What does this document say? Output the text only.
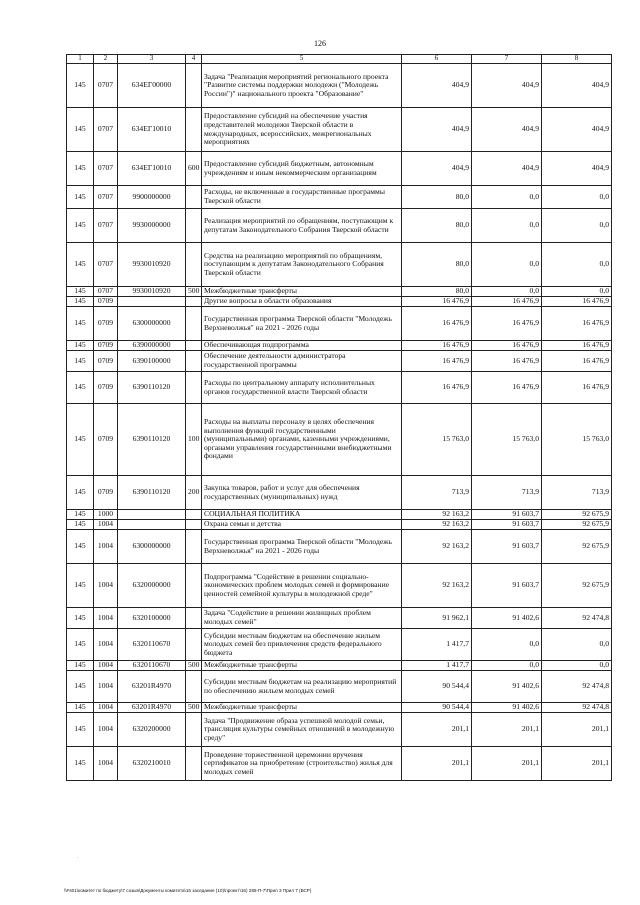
126
1	2	3	4	5	6	7	8
145	0707	634ЕГ00000		Задача "Реализация мероприятий регионального проекта "Развитие системы поддержки молодежи ("Молодежь России")" национального проекта "Образование"	404,9	404,9	404,9
145	0707	634ЕГ10010		Предоставление субсидий на обеспечение участия представителей молодежи Тверской области в международных, всероссийских, межрегиональных мероприятиях	404,9	404,9	404,9
145	0707	634ЕГ10010	600	Предоставление субсидий бюджетным, автономным учреждениям и иным некоммерческим организациям	404,9	404,9	404,9
145	0707	9900000000		Расходы, не включенные в государственные программы Тверской области	80,0	0,0	0,0
145	0707	9930000000		Реализация мероприятий по обращениям, поступающим к депутатам Законодательного Собрания Тверской области	80,0	0,0	0,0
145	0707	9930010920		Средства на реализацию мероприятий по обращениям, поступающим к депутатам Законодательного Собрания Тверской области	80,0	0,0	0,0
145	0707	9930010920	500	Межбюджетные трансферты	80,0	0,0	0,0
145	0709			Другие вопросы в области образования	16 476,9	16 476,9	16 476,9
145	0709	6300000000		Государственная программа Тверской области "Молодежь Верхневолжья" на 2021 - 2026 годы	16 476,9	16 476,9	16 476,9
145	0709	6390000000		Обеспечивающая подпрограмма	16 476,9	16 476,9	16 476,9
145	0709	6390100000		Обеспечение деятельности администратора государственной программы	16 476,9	16 476,9	16 476,9
145	0709	6390110120		Расходы по центральному аппарату исполнительных органов государственной власти Тверской области	16 476,9	16 476,9	16 476,9
145	0709	6390110120	100	Расходы на выплаты персоналу в целях обеспечения выполнения функций государственными (муниципальными) органами, казенными учреждениями, органами управления государственными внебюджетными фондами	15 763,0	15 763,0	15 763,0
145	0709	6390110120	200	Закупка товаров, работ и услуг для обеспечения государственных (муниципальных) нужд	713,9	713,9	713,9
145	1000			СОЦИАЛЬНАЯ ПОЛИТИКА	92 163,2	91 603,7	92 675,9
145	1004			Охрана семьи и детства	92 163,2	91 603,7	92 675,9
145	1004	6300000000		Государственная программа Тверской области "Молодежь Верхневолжья" на 2021 - 2026 годы	92 163,2	91 603,7	92 675,9
145	1004	6320000000		Подпрограмма "Содействие в решении социально-экономических проблем молодых семей и формирование ценностей семейной культуры в молодежной среде"	92 163,2	91 603,7	92 675,9
145	1004	6320100000		Задача "Содействие в решении жилищных проблем молодых семей"	91 962,1	91 402,6	92 474,8
145	1004	6320110670		Субсидии местным бюджетам на обеспечение жильем молодых семей без привлечения средств федерального бюджета	1 417,7	0,0	0,0
145	1004	6320110670	500	Межбюджетные трансферты	1 417,7	0,0	0,0
145	1004	63201R4970		Субсидии местным бюджетам на реализацию мероприятий по обеспечению жильем молодых семей	90 544,4	91 402,6	92 474,8
145	1004	63201R4970	500	Межбюджетные трансферты	90 544,4	91 402,6	92 474,8
145	1004	6320200000		Задача "Продвижение образа успешной молодой семьи, трансляция культуры семейных отношений в молодежную среду"	201,1	201,1	201,1
145	1004	6320210010		Проведение торжественной церемонии вручения сертификатов на приобретение (строительство) жилья для молодых семей	201,1	201,1	201,1
·
\\Fs01\комитет по бюджету\7 созыв\Документы комитета\16 заседание (10)\проект\16) 285-П-7\Прил 3 Прил 7 (ВСР)
